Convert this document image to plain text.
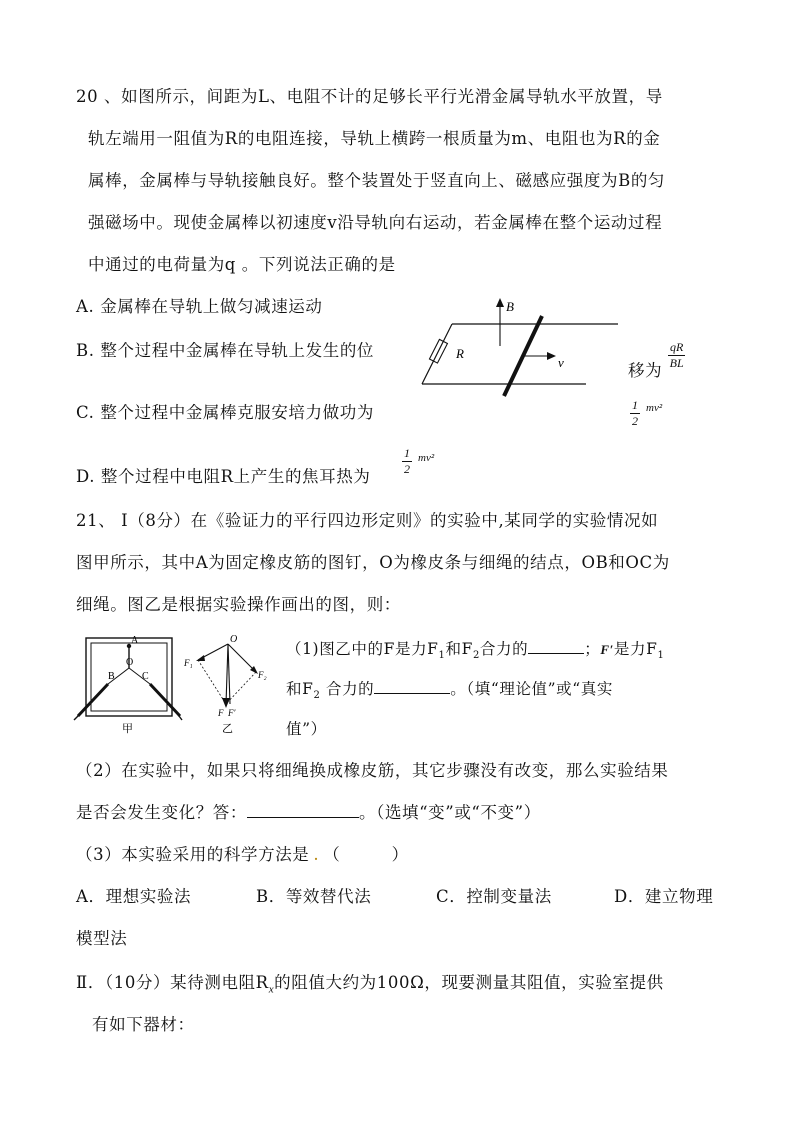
20 、如图所示，间距为L、电阻不计的足够长平行光滑金属导轨水平放置，导
轨左端用一阻值为R的电阻连接，导轨上横跨一根质量为m、电阻也为R的金
属棒，金属棒与导轨接触良好。整个装置处于竖直向上、磁感应强度为B的匀
强磁场中。现使金属棒以初速度v沿导轨向右运动，若金属棒在整个运动过程
中通过的电荷量为q 。下列说法正确的是
A. 金属棒在导轨上做匀减速运动
B. 整个过程中金属棒在导轨上发生的位
移为 $\frac{qR}{BL}$
C. 整个过程中金属棒克服安培力做功为	$\frac{1}{2} mv^2$
D. 整个过程中电阻R上产生的焦耳热为	$\frac{1}{2} mv^2$
B
R
v
21、 Ⅰ（8分）在《验证力的平行四边形定则》的实验中,某同学的实验情况如
图甲所示，其中A为固定橡皮筋的图钉，O为橡皮条与细绳的结点，OB和OC为
细绳。图乙是根据实验操作画出的图，则：
A
O
B	C
甲
O
F₁
F₂
F F′
乙
（1)图乙中的F是力$F_1$和$F_2$合力的	；F′是力$F_1$
和$F_2$ 合力的	。（填“理论值”或“真实
值”）
（2）在实验中，如果只将细绳换成橡皮筋，其它步骤没有改变，那么实验结果
是否会发生变化？答：	。（选填“变”或“不变”）
（3）本实验采用的科学方法是 . （　　　）
A．理想实验法	B．等效替代法	C．控制变量法	D．建立物理
模型法
Ⅱ．（10分）某待测电阻$R_x$的阻值大约为100Ω，现要测量其阻值，实验室提供
有如下器材：
